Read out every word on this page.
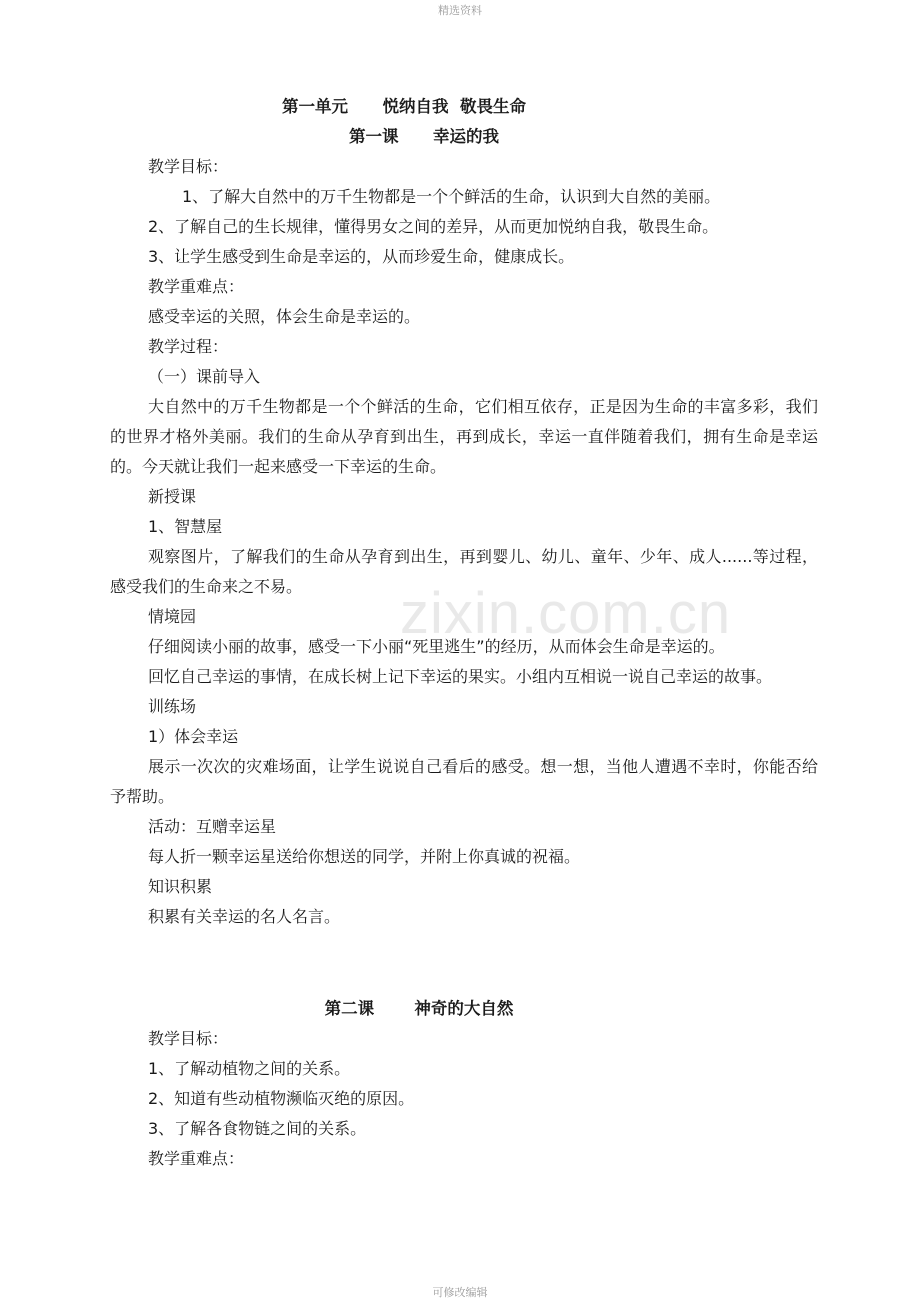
精选资料
zixin.com.cn
第一单元      悦纳自我  敬畏生命
第一课      幸运的我
教学目标：
1、了解大自然中的万千生物都是一个个鲜活的生命，认识到大自然的美丽。
2、了解自己的生长规律，懂得男女之间的差异，从而更加悦纳自我，敬畏生命。
3、让学生感受到生命是幸运的，从而珍爱生命，健康成长。
教学重难点：
感受幸运的关照，体会生命是幸运的。
教学过程：
（一）课前导入
大自然中的万千生物都是一个个鲜活的生命，它们相互依存，正是因为生命的丰富多彩，我们的世界才格外美丽。我们的生命从孕育到出生，再到成长，幸运一直伴随着我们，拥有生命是幸运的。今天就让我们一起来感受一下幸运的生命。
新授课
1、智慧屋
观察图片，了解我们的生命从孕育到出生，再到婴儿、幼儿、童年、少年、成人......等过程，感受我们的生命来之不易。
情境园
仔细阅读小丽的故事，感受一下小丽“死里逃生”的经历，从而体会生命是幸运的。
回忆自己幸运的事情，在成长树上记下幸运的果实。小组内互相说一说自己幸运的故事。
训练场
1）体会幸运
展示一次次的灾难场面，让学生说说自己看后的感受。想一想，当他人遭遇不幸时，你能否给予帮助。
活动：互赠幸运星
每人折一颗幸运星送给你想送的同学，并附上你真诚的祝福。
知识积累
积累有关幸运的名人名言。
第二课       神奇的大自然
教学目标：
1、了解动植物之间的关系。
2、知道有些动植物濒临灭绝的原因。
3、了解各食物链之间的关系。
教学重难点：
可修改编辑
